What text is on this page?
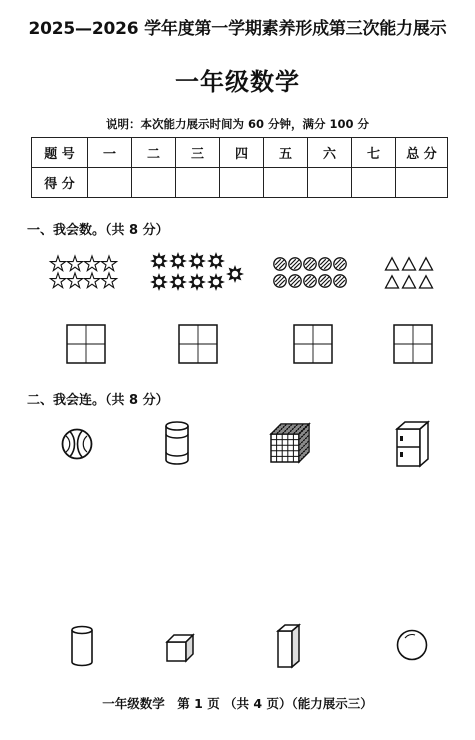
2025—2026 学年度第一学期素养形成第三次能力展示
一年级数学
说明：本次能力展示时间为 60 分钟，满分 100 分
题 号	一	二	三	四	五	六	七	总 分
得 分								
一、我会数。（共 8 分）
二、我会连。（共 8 分）
一年级数学　第 1 页 （共 4 页）（能力展示三）
